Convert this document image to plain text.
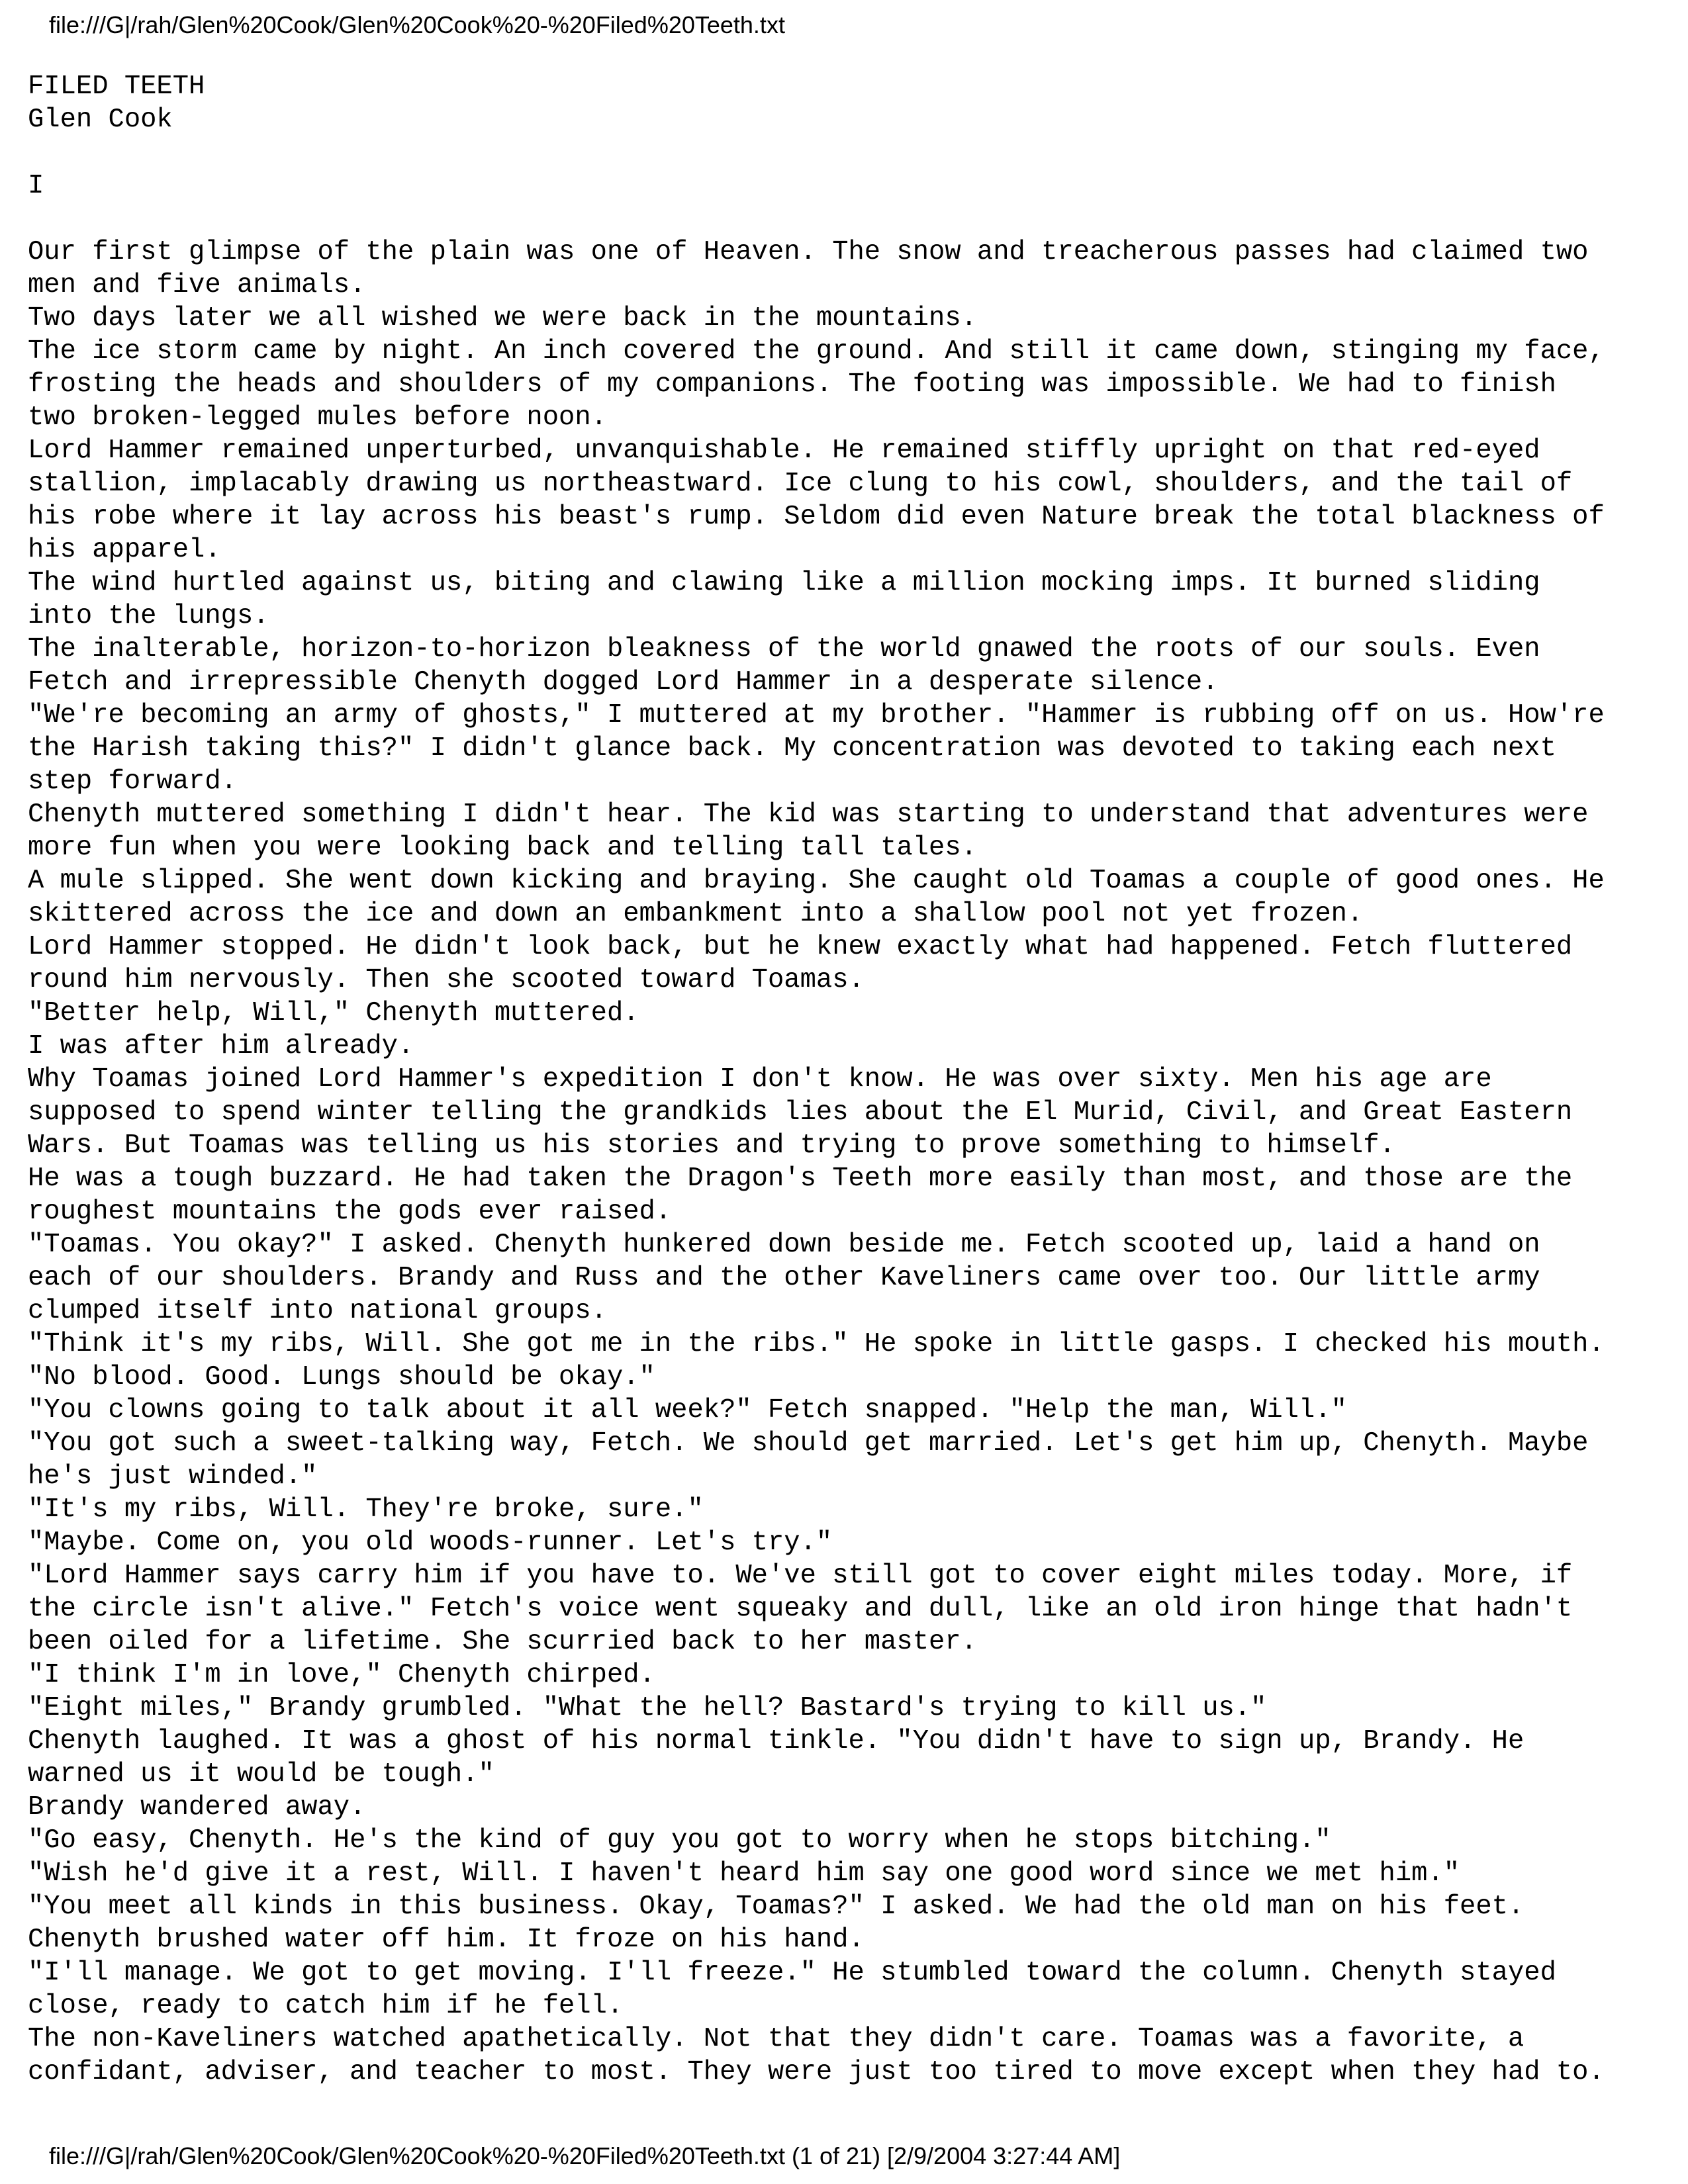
file:///G|/rah/Glen%20Cook/Glen%20Cook%20-%20Filed%20Teeth.txt
FILED TEETH
Glen Cook
I
Our first glimpse of the plain was one of Heaven. The snow and treacherous passes had claimed two
men and five animals.
Two days later we all wished we were back in the mountains.
The ice storm came by night. An inch covered the ground. And still it came down, stinging my face,
frosting the heads and shoulders of my companions. The footing was impossible. We had to finish
two broken-legged mules before noon.
Lord Hammer remained unperturbed, unvanquishable. He remained stiffly upright on that red-eyed
stallion, implacably drawing us northeastward. Ice clung to his cowl, shoulders, and the tail of
his robe where it lay across his beast's rump. Seldom did even Nature break the total blackness of
his apparel.
The wind hurtled against us, biting and clawing like a million mocking imps. It burned sliding
into the lungs.
The inalterable, horizon-to-horizon bleakness of the world gnawed the roots of our souls. Even
Fetch and irrepressible Chenyth dogged Lord Hammer in a desperate silence.
"We're becoming an army of ghosts," I muttered at my brother. "Hammer is rubbing off on us. How're
the Harish taking this?" I didn't glance back. My concentration was devoted to taking each next
step forward.
Chenyth muttered something I didn't hear. The kid was starting to understand that adventures were
more fun when you were looking back and telling tall tales.
A mule slipped. She went down kicking and braying. She caught old Toamas a couple of good ones. He
skittered across the ice and down an embankment into a shallow pool not yet frozen.
Lord Hammer stopped. He didn't look back, but he knew exactly what had happened. Fetch fluttered
round him nervously. Then she scooted toward Toamas.
"Better help, Will," Chenyth muttered.
I was after him already.
Why Toamas joined Lord Hammer's expedition I don't know. He was over sixty. Men his age are
supposed to spend winter telling the grandkids lies about the El Murid, Civil, and Great Eastern
Wars. But Toamas was telling us his stories and trying to prove something to himself.
He was a tough buzzard. He had taken the Dragon's Teeth more easily than most, and those are the
roughest mountains the gods ever raised.
"Toamas. You okay?" I asked. Chenyth hunkered down beside me. Fetch scooted up, laid a hand on
each of our shoulders. Brandy and Russ and the other Kaveliners came over too. Our little army
clumped itself into national groups.
"Think it's my ribs, Will. She got me in the ribs." He spoke in little gasps. I checked his mouth.
"No blood. Good. Lungs should be okay."
"You clowns going to talk about it all week?" Fetch snapped. "Help the man, Will."
"You got such a sweet-talking way, Fetch. We should get married. Let's get him up, Chenyth. Maybe
he's just winded."
"It's my ribs, Will. They're broke, sure."
"Maybe. Come on, you old woods-runner. Let's try."
"Lord Hammer says carry him if you have to. We've still got to cover eight miles today. More, if
the circle isn't alive." Fetch's voice went squeaky and dull, like an old iron hinge that hadn't
been oiled for a lifetime. She scurried back to her master.
"I think I'm in love," Chenyth chirped.
"Eight miles," Brandy grumbled. "What the hell? Bastard's trying to kill us."
Chenyth laughed. It was a ghost of his normal tinkle. "You didn't have to sign up, Brandy. He
warned us it would be tough."
Brandy wandered away.
"Go easy, Chenyth. He's the kind of guy you got to worry when he stops bitching."
"Wish he'd give it a rest, Will. I haven't heard him say one good word since we met him."
"You meet all kinds in this business. Okay, Toamas?" I asked. We had the old man on his feet.
Chenyth brushed water off him. It froze on his hand.
"I'll manage. We got to get moving. I'll freeze." He stumbled toward the column. Chenyth stayed
close, ready to catch him if he fell.
The non-Kaveliners watched apathetically. Not that they didn't care. Toamas was a favorite, a
confidant, adviser, and teacher to most. They were just too tired to move except when they had to.
file:///G|/rah/Glen%20Cook/Glen%20Cook%20-%20Filed%20Teeth.txt (1 of 21) [2/9/2004 3:27:44 AM]
